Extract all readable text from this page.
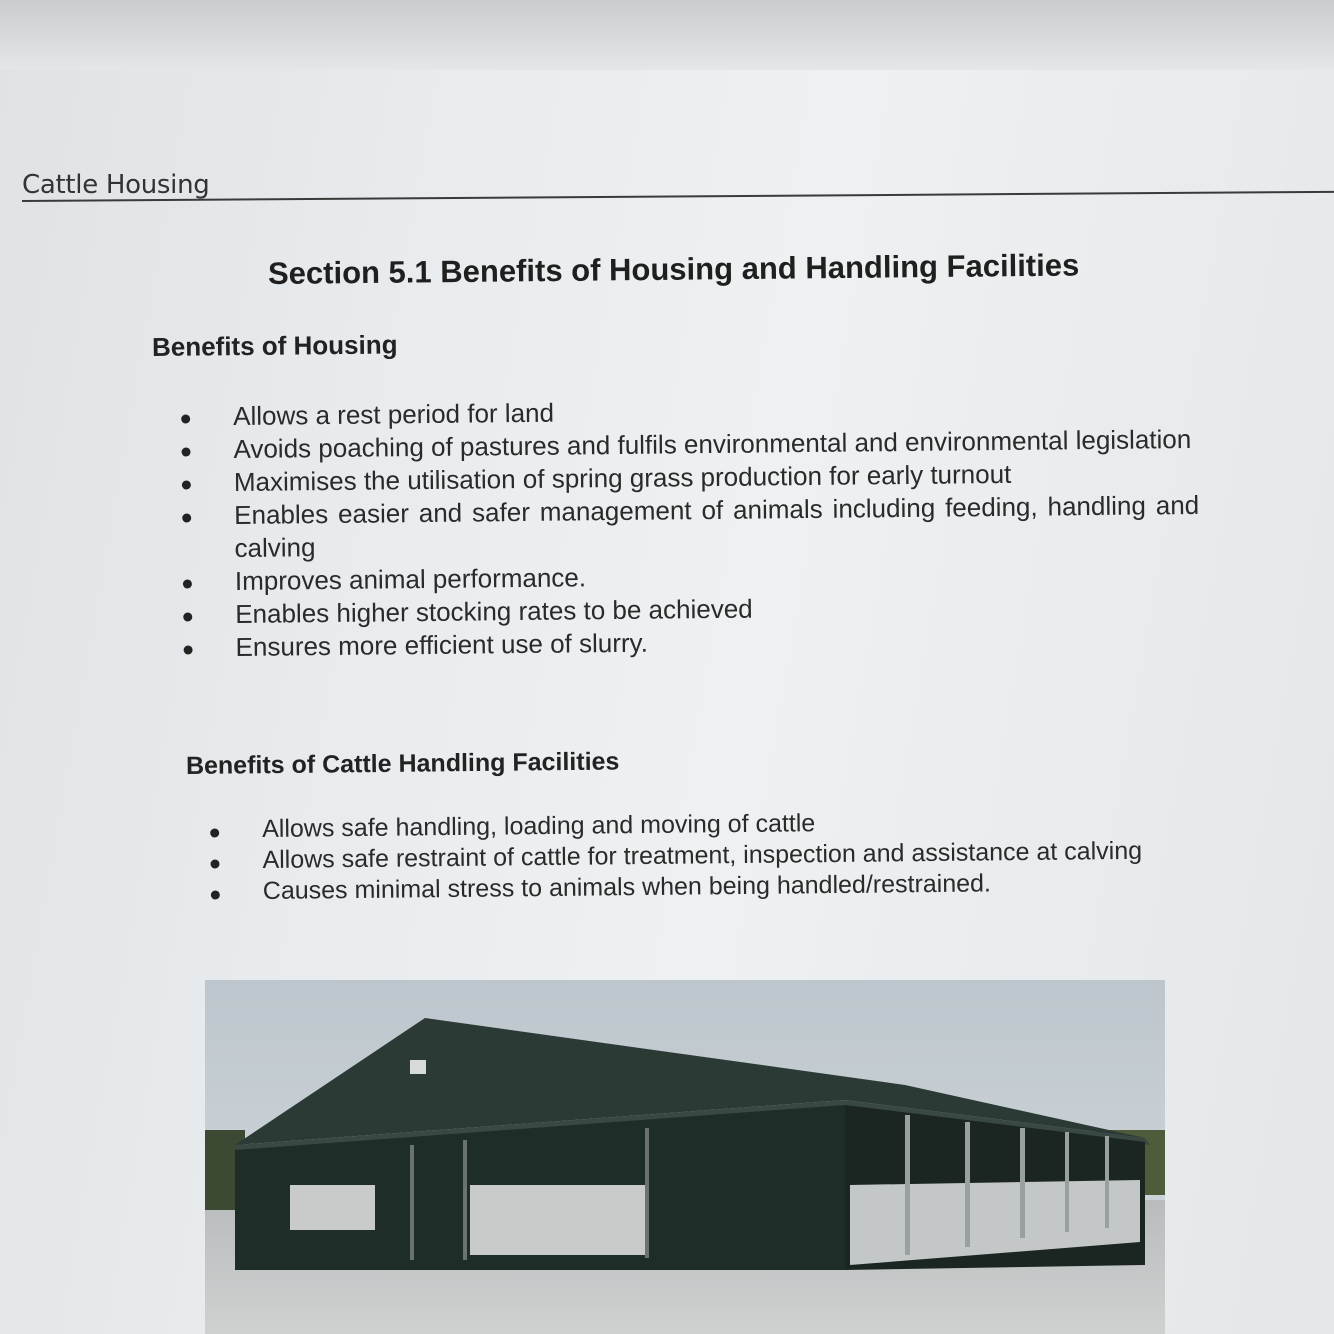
Cattle Housing
Section 5.1 Benefits of Housing and Handling Facilities
Benefits of Housing
Allows a rest period for land
Avoids poaching of pastures and fulfils environmental and environmental legislation
Maximises the utilisation of spring grass production for early turnout
Enables easier and safer management of animals including feeding, handling and calving
Improves animal performance.
Enables higher stocking rates to be achieved
Ensures more efficient use of slurry.
Benefits of Cattle Handling Facilities
Allows safe handling, loading and moving of cattle
Allows safe restraint of cattle for treatment, inspection and assistance at calving
Causes minimal stress to animals when being handled/restrained.
